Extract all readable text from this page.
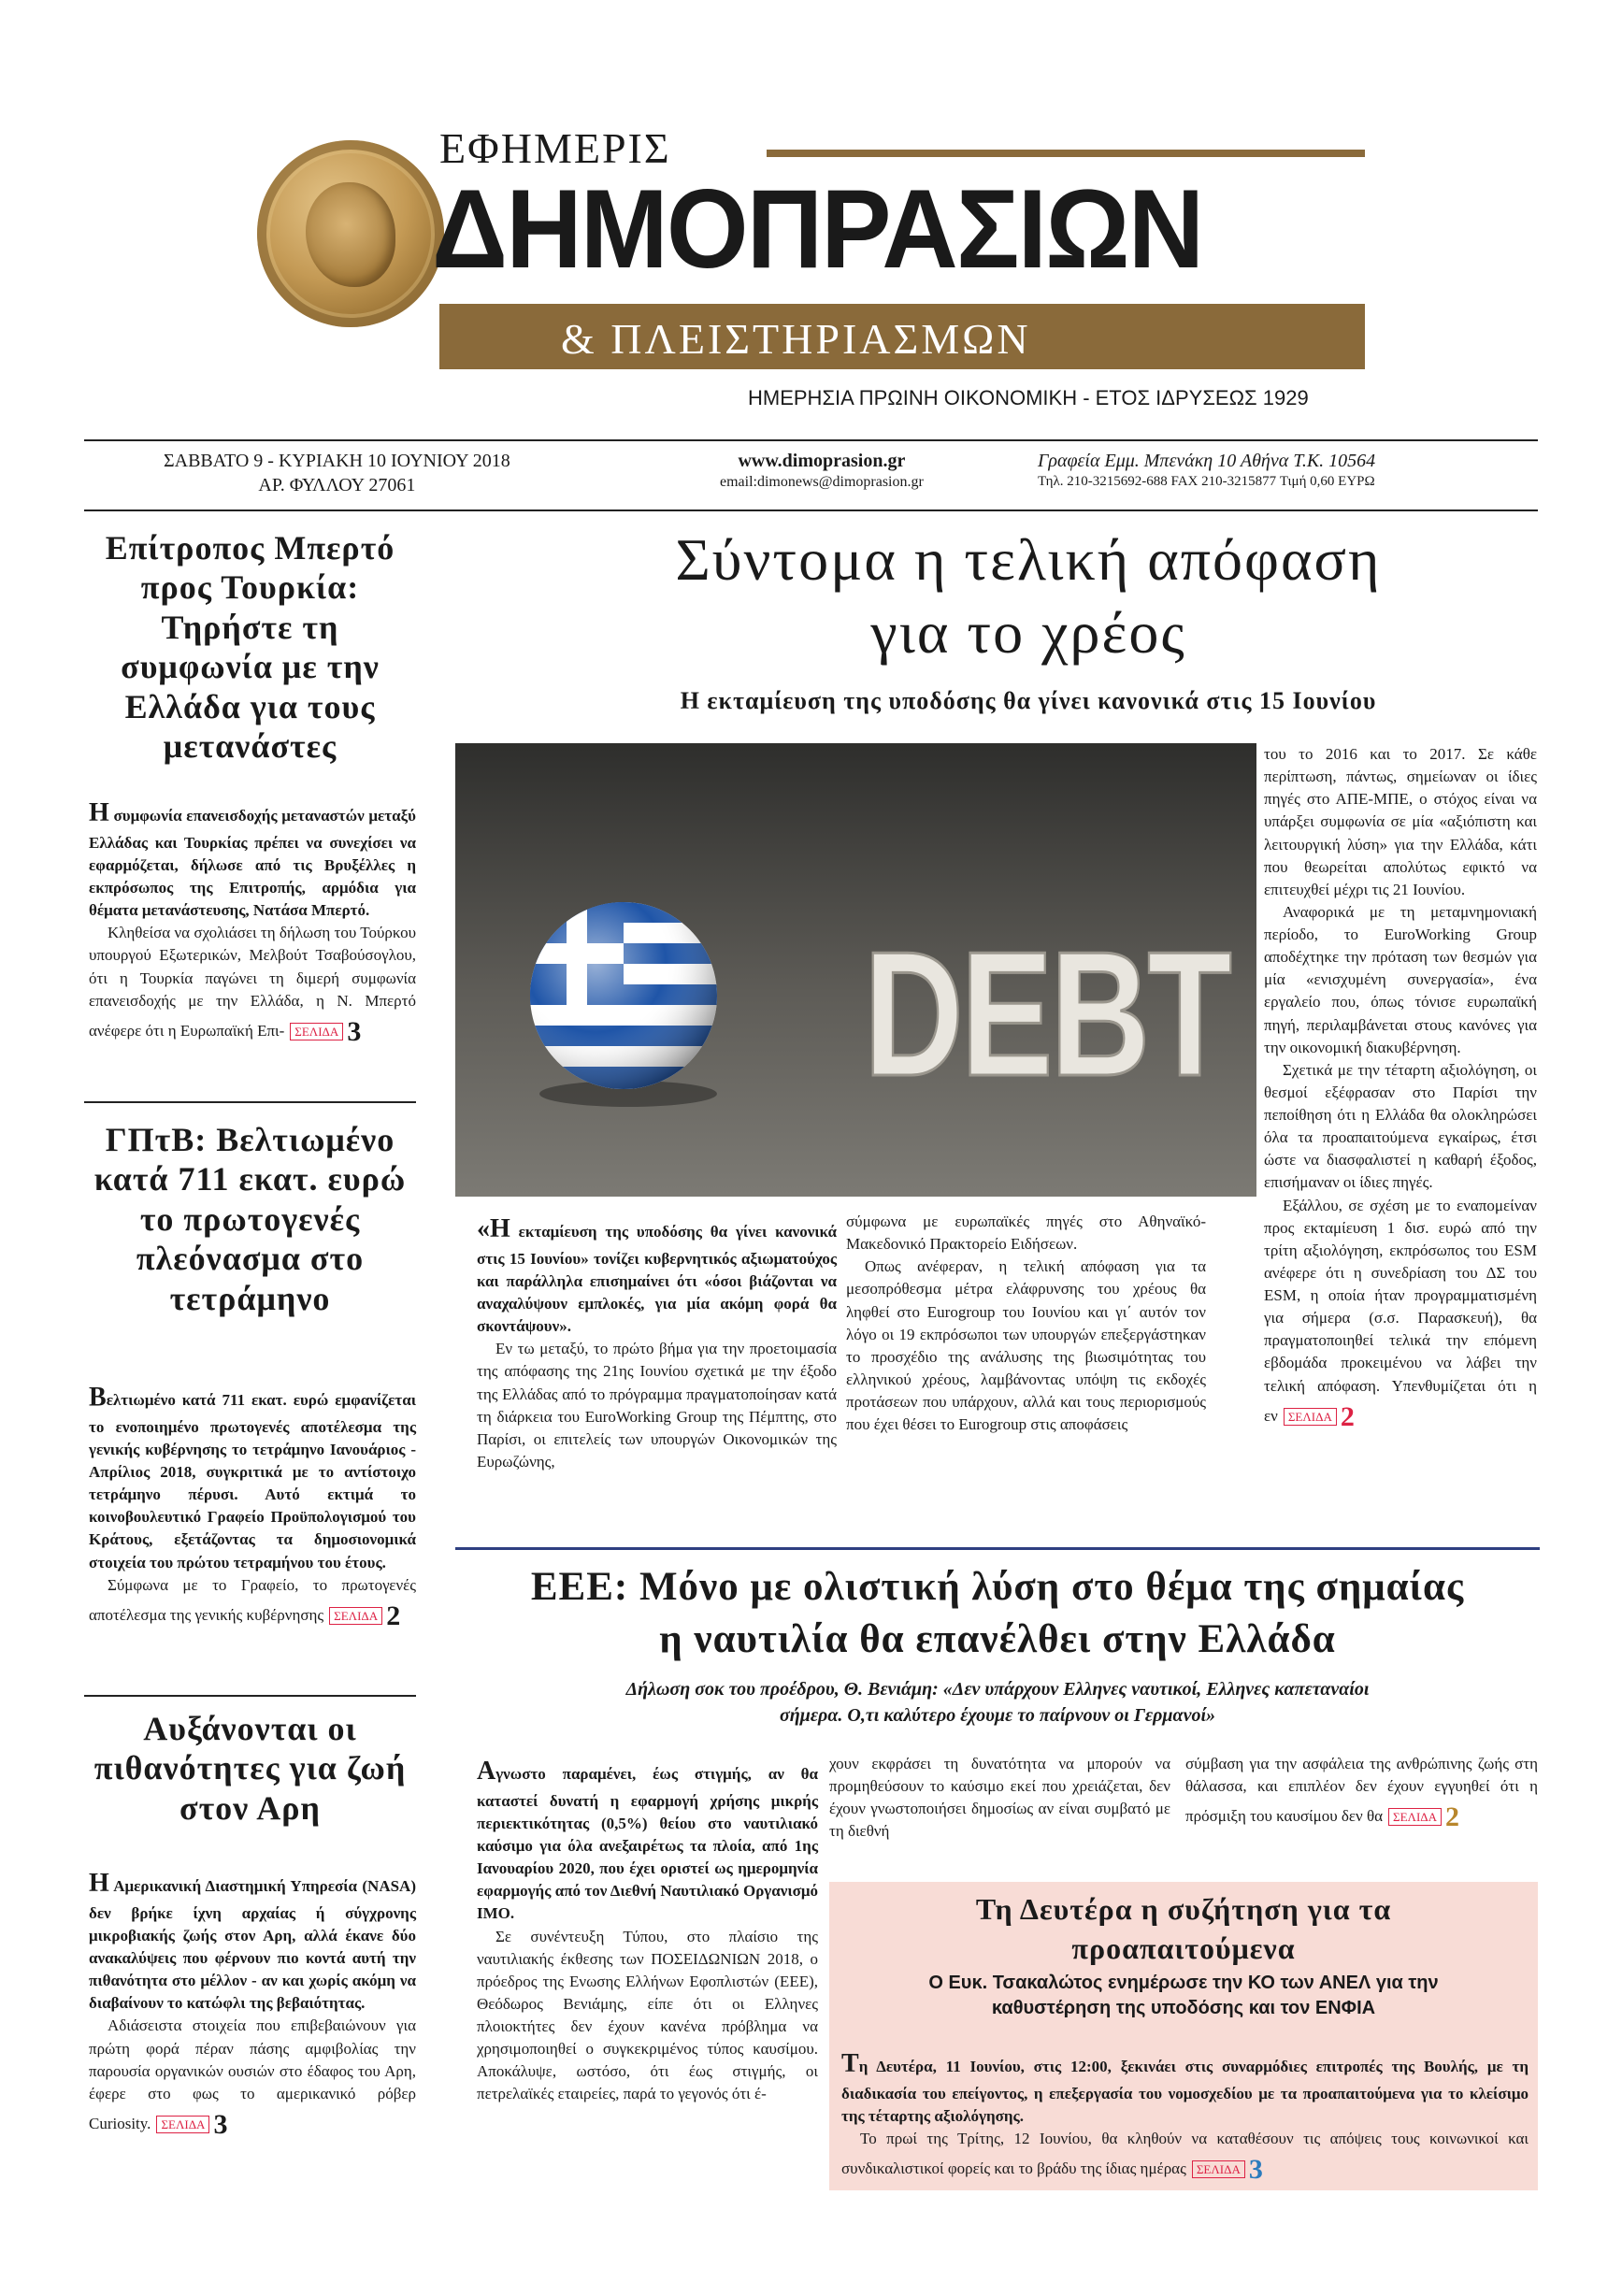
ΕΦΗΜΕΡΙΣ
ΔΗΜΟΠΡΑΣΙΩΝ
& ΠΛΕΙΣΤΗΡΙΑΣΜΩΝ
ΗΜΕΡΗΣΙΑ ΠΡΩΙΝΗ ΟΙΚΟΝΟΜΙΚΗ - ΕΤΟΣ ΙΔΡΥΣΕΩΣ 1929
ΣΑΒΒΑΤΟ 9 - ΚΥΡΙΑΚΗ 10 ΙΟΥΝΙΟΥ 2018
ΑΡ. ΦΥΛΛΟΥ 27061
www.dimoprasion.gr
email:dimonews@dimoprasion.gr
Γραφεία Εμμ. Μπενάκη 10 Αθήνα Τ.Κ. 10564
Τηλ. 210-3215692-688 FAX 210-3215877 Τιμή 0,60 ΕΥΡΩ
Επίτροπος Μπερτό προς Τουρκία: Τηρήστε τη συμφωνία με την Ελλάδα για τους μετανάστες
Η συμφωνία επανεισδοχής μεταναστών μεταξύ Ελλάδας και Τουρκίας πρέπει να συνεχίσει να εφαρμόζεται, δήλωσε από τις Βρυξέλλες η εκπρόσωπος της Επιτροπής, αρμόδια για θέματα μετανάστευσης, Νατάσα Μπερτό.
Κληθείσα να σχολιάσει τη δήλωση του Τούρκου υπουργού Εξωτερικών, Μελβούτ Τσαβούσογλου, ότι η Τουρκία παγώνει τη διμερή συμφωνία επανεισδοχής με την Ελλάδα, η Ν. Μπερτό ανέφερε ότι η Ευρωπαϊκή Επι- ΣΕΛΙΔΑ 3
ΓΠτΒ: Βελτιωμένο κατά 711 εκατ. ευρώ το πρωτογενές πλεόνασμα στο τετράμηνο
Βελτιωμένο κατά 711 εκατ. ευρώ εμφανίζεται το ενοποιημένο πρωτογενές αποτέλεσμα της γενικής κυβέρνησης το τετράμηνο Ιανουάριος - Απρίλιος 2018, συγκριτικά με το αντίστοιχο τετράμηνο πέρυσι. Αυτό εκτιμά το κοινοβουλευτικό Γραφείο Προϋπολογισμού του Κράτους, εξετάζοντας τα δημοσιονομικά στοιχεία του πρώτου τετραμήνου του έτους.
Σύμφωνα με το Γραφείο, το πρωτογενές αποτέλεσμα της γενικής κυβέρνησης ΣΕΛΙΔΑ 2
Αυξάνονται οι πιθανότητες για ζωή στον Αρη
Η Αμερικανική Διαστημική Υπηρεσία (NASA) δεν βρήκε ίχνη αρχαίας ή σύγχρονης μικροβιακής ζωής στον Αρη, αλλά έκανε δύο ανακαλύψεις που φέρνουν πιο κοντά αυτή την πιθανότητα στο μέλλον - αν και χωρίς ακόμη να διαβαίνουν το κατώφλι της βεβαιότητας.
Αδιάσειστα στοιχεία που επιβεβαιώνουν για πρώτη φορά πέραν πάσης αμφιβολίας την παρουσία οργανικών ουσιών στο έδαφος του Αρη, έφερε στο φως το αμερικανικό ρόβερ Curiosity. ΣΕΛΙΔΑ 3
Σύντομα η τελική απόφαση
για το χρέος
Η εκταμίευση της υποδόσης θα γίνει κανονικά στις 15 Ιουνίου
DEBT
του το 2016 και το 2017. Σε κάθε περίπτωση, πάντως, σημείωναν οι ίδιες πηγές στο ΑΠΕ-ΜΠΕ, ο στόχος είναι να υπάρξει συμφωνία σε μία «αξιόπιστη και λειτουργική λύση» για την Ελλάδα, κάτι που θεωρείται απολύτως εφικτό να επιτευχθεί μέχρι τις 21 Ιουνίου.
Αναφορικά με τη μεταμνημονιακή περίοδο, το EuroWorking Group αποδέχτηκε την πρόταση των θεσμών για μία «ενισχυμένη συνεργασία», ένα εργαλείο που, όπως τόνισε ευρωπαϊκή πηγή, περιλαμβάνεται στους κανόνες για την οικονομική διακυβέρνηση.
Σχετικά με την τέταρτη αξιολόγηση, οι θεσμοί εξέφρασαν στο Παρίσι την πεποίθηση ότι η Ελλάδα θα ολοκληρώσει όλα τα προαπαιτούμενα εγκαίρως, έτσι ώστε να διασφαλιστεί η καθαρή έξοδος, επισήμαναν οι ίδιες πηγές.
Εξάλλου, σε σχέση με το εναπομείναν προς εκταμίευση 1 δισ. ευρώ από την τρίτη αξιολόγηση, εκπρόσωπος του ESM ανέφερε ότι η συνεδρίαση του ΔΣ του ESM, η οποία ήταν προγραμματισμένη για σήμερα (σ.σ. Παρασκευή), θα πραγματοποιηθεί τελικά την επόμενη εβδομάδα προκειμένου να λάβει την τελική απόφαση. Υπενθυμίζεται ότι η εν ΣΕΛΙΔΑ 2
«Η εκταμίευση της υποδόσης θα γίνει κανονικά στις 15 Ιουνίου» τονίζει κυβερνητικός αξιωματούχος και παράλληλα επισημαίνει ότι «όσοι βιάζονται να αναχαλύψουν εμπλοκές, για μία ακόμη φορά θα σκοντάψουν».
Εν τω μεταξύ, το πρώτο βήμα για την προετοιμασία της απόφασης της 21ης Ιουνίου σχετικά με την έξοδο της Ελλάδας από το πρόγραμμα πραγματοποίησαν κατά τη διάρκεια του EuroWorking Group της Πέμπτης, στο Παρίσι, οι επιτελείς των υπουργών Οικονομικών της Ευρωζώνης,
σύμφωνα με ευρωπαϊκές πηγές στο Αθηναϊκό-Μακεδονικό Πρακτορείο Ειδήσεων.
Οπως ανέφεραν, η τελική απόφαση για τα μεσοπρόθεσμα μέτρα ελάφρυνσης του χρέους θα ληφθεί στο Eurogroup του Ιουνίου και γι΄ αυτόν τον λόγο οι 19 εκπρόσωποι των υπουργών επεξεργάστηκαν το προσχέδιο της ανάλυσης της βιωσιμότητας του ελληνικού χρέους, λαμβάνοντας υπόψη τις εκδοχές προτάσεων που υπάρχουν, αλλά και τους περιορισμούς που έχει θέσει το Eurogroup στις αποφάσεις
ΕΕΕ: Μόνο με ολιστική λύση στο θέμα της σημαίας
η ναυτιλία θα επανέλθει στην Ελλάδα
Δήλωση σοκ του προέδρου, Θ. Βενιάμη: «Δεν υπάρχουν Ελληνες ναυτικοί, Ελληνες καπεταναίοι
σήμερα. Ο,τι καλύτερο έχουμε το παίρνουν οι Γερμανοί»
Αγνωστο παραμένει, έως στιγμής, αν θα καταστεί δυνατή η εφαρμογή χρήσης μικρής περιεκτικότητας (0,5%) θείου στο ναυτιλιακό καύσιμο για όλα ανεξαιρέτως τα πλοία, από 1ης Ιανουαρίου 2020, που έχει οριστεί ως ημερομηνία εφαρμογής από τον Διεθνή Ναυτιλιακό Οργανισμό ΙΜΟ.
Σε συνέντευξη Τύπου, στο πλαίσιο της ναυτιλιακής έκθεσης των ΠΟΣΕΙΔΩΝΙΩΝ 2018, ο πρόεδρος της Ενωσης Ελλήνων Εφοπλιστών (ΕΕΕ), Θεόδωρος Βενιάμης, είπε ότι οι Ελληνες πλοιοκτήτες δεν έχουν κανένα πρόβλημα να χρησιμοποιηθεί ο συγκεκριμένος τύπος καυσίμου. Αποκάλυψε, ωστόσο, ότι έως στιγμής, οι πετρελαϊκές εταιρείες, παρά το γεγονός ότι έ-
χουν εκφράσει τη δυνατότητα να μπορούν να προμηθεύσουν το καύσιμο εκεί που χρειάζεται, δεν έχουν γνωστοποιήσει δημοσίως αν είναι συμβατό με τη διεθνή
σύμβαση για την ασφάλεια της ανθρώπινης ζωής στη θάλασσα, και επιπλέον δεν έχουν εγγυηθεί ότι η πρόσμιξη του καυσίμου δεν θα ΣΕΛΙΔΑ 2
Τη Δευτέρα η συζήτηση για τα
προαπαιτούμενα
Ο Ευκ. Τσακαλώτος ενημέρωσε την ΚΟ των ΑΝΕΛ για την
καθυστέρηση της υποδόσης και τον ΕΝΦΙΑ
Τη Δευτέρα, 11 Ιουνίου, στις 12:00, ξεκινάει στις συναρμόδιες επιτροπές της Βουλής, με τη διαδικασία του επείγοντος, η επεξεργασία του νομοσχεδίου με τα προαπαιτούμενα για το κλείσιμο της τέταρτης αξιολόγησης.
Το πρωί της Τρίτης, 12 Ιουνίου, θα κληθούν να καταθέσουν τις απόψεις τους κοινωνικοί και συνδικαλιστικοί φορείς και το βράδυ της ίδιας ημέρας ΣΕΛΙΔΑ 3
